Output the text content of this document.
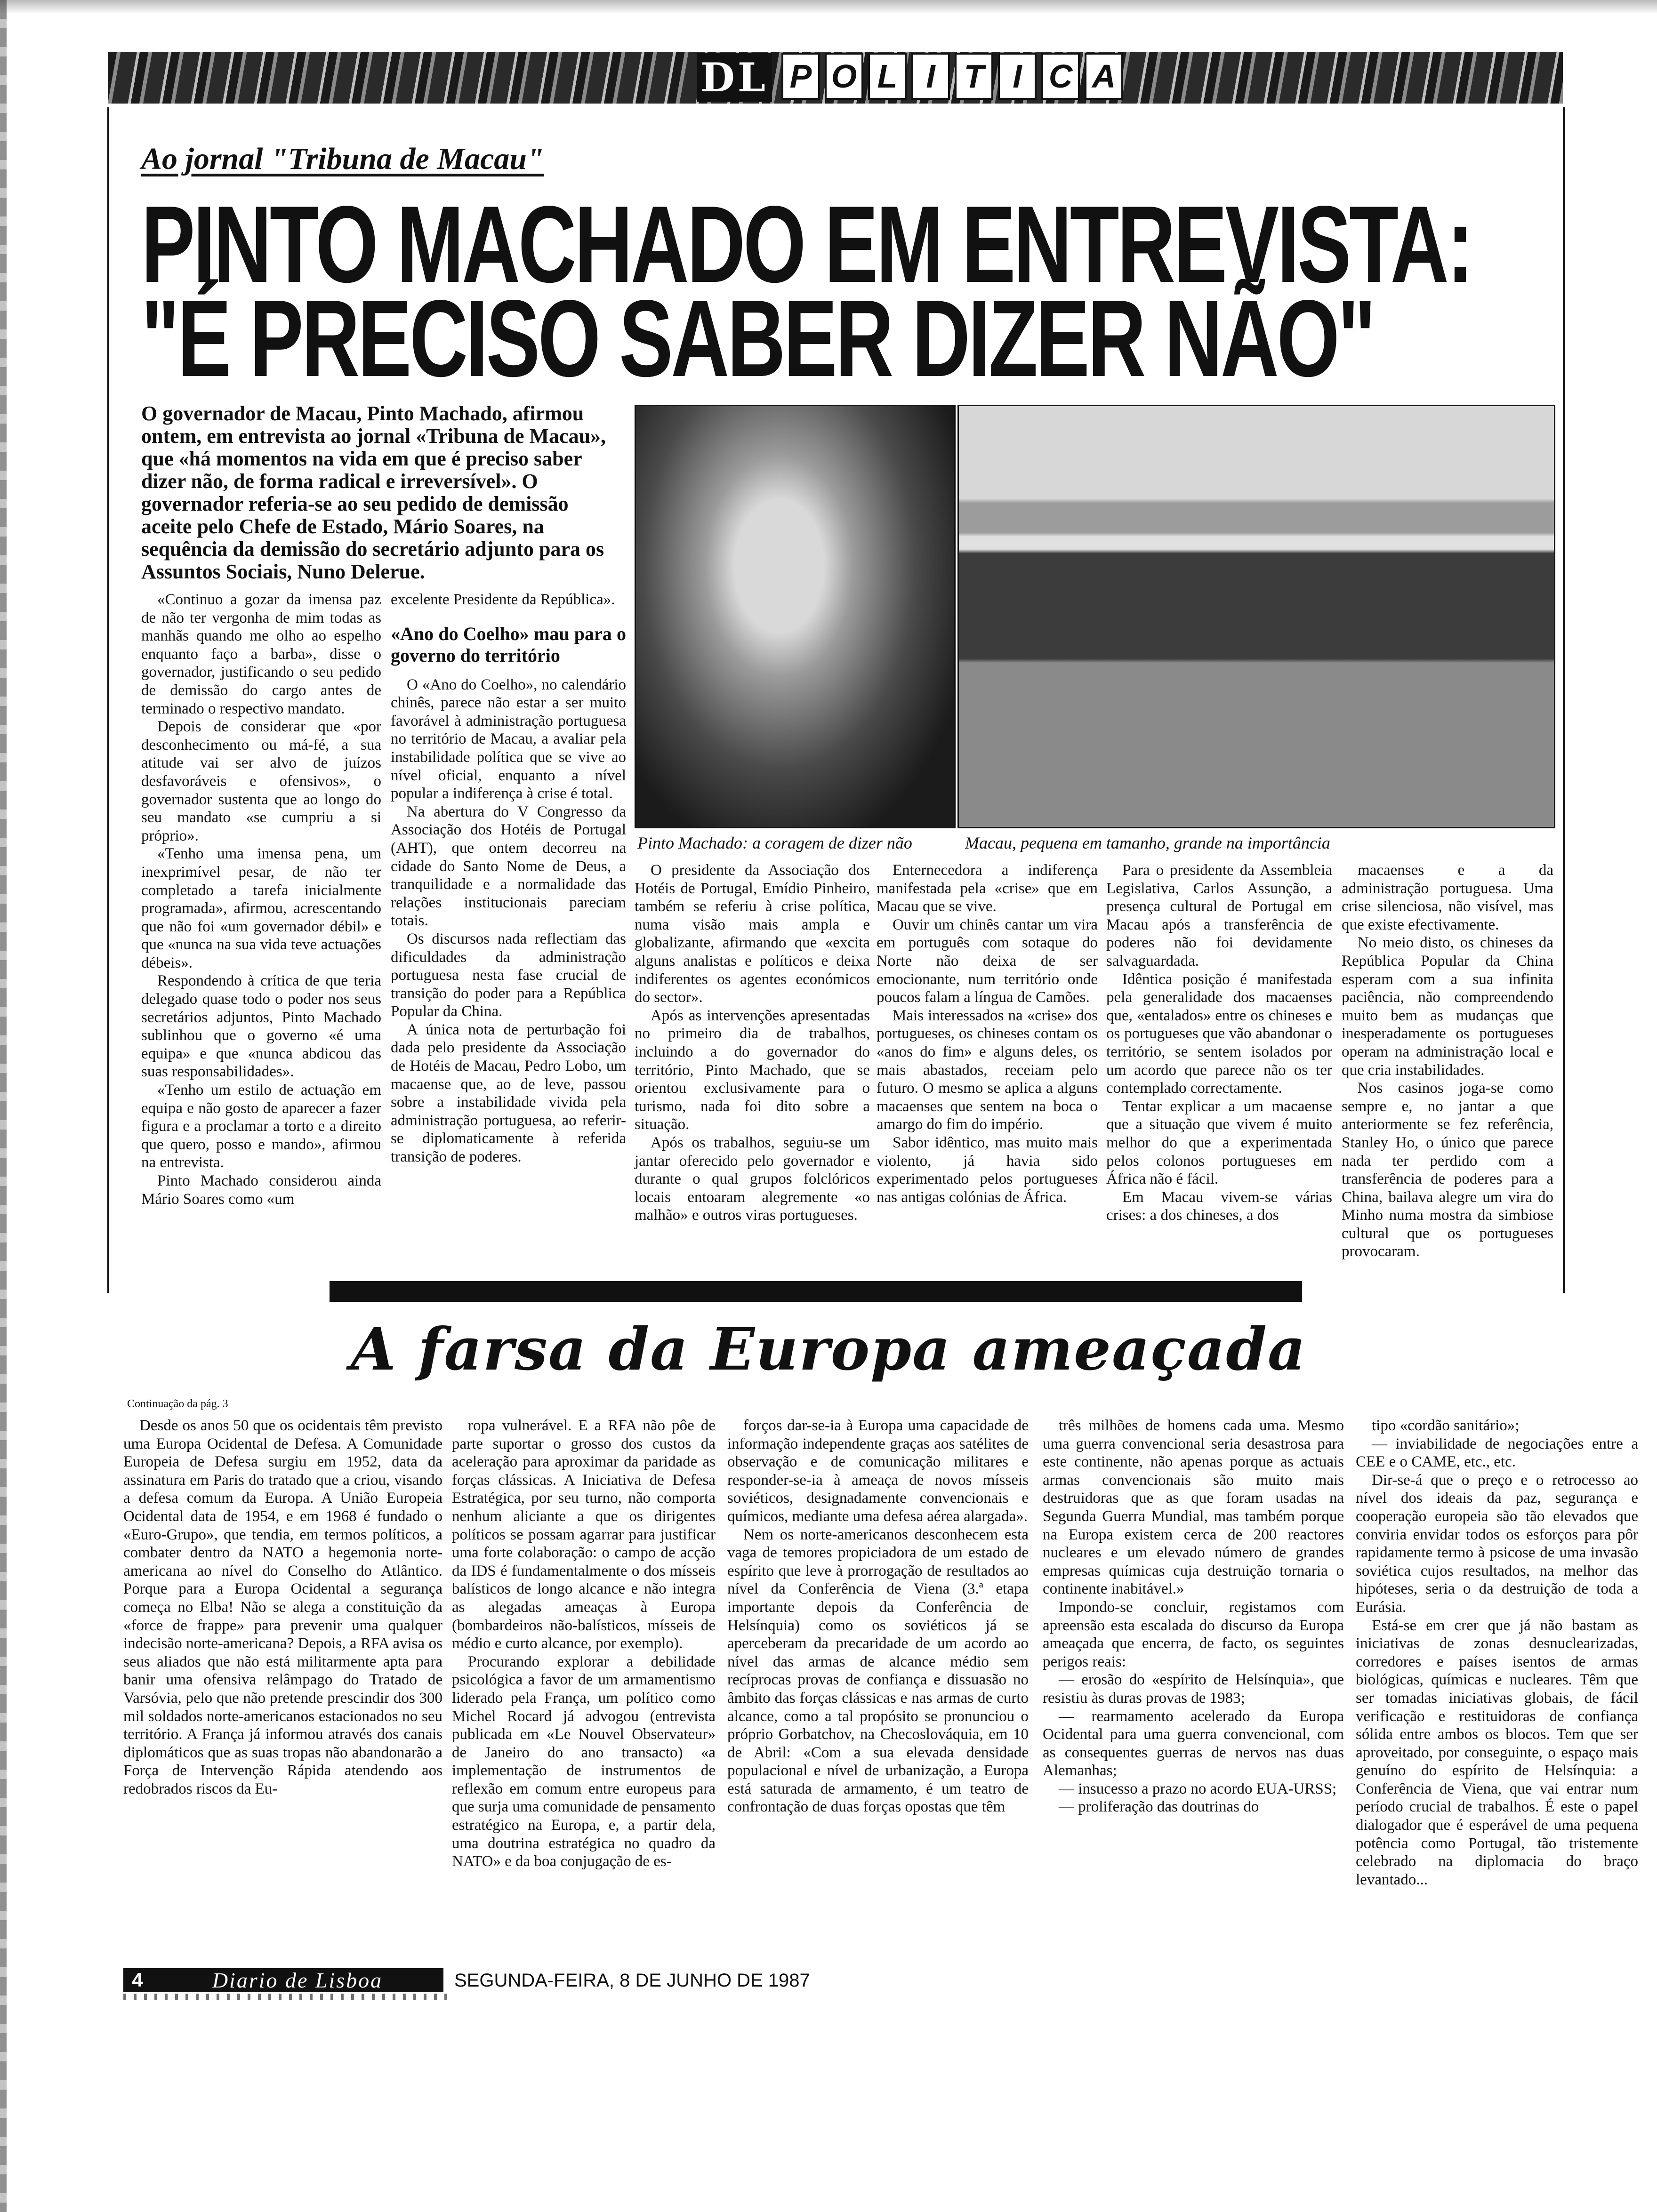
DL P O L I T I C A
Ao jornal "Tribuna de Macau"
PINTO MACHADO EM ENTREVISTA:
"É PRECISO SABER DIZER NÃO"
O governador de Macau, Pinto Machado, afirmou ontem, em entrevista ao jornal «Tribuna de Macau», que «há momentos na vida em que é preciso saber dizer não, de forma radical e irreversível». O governador referia-se ao seu pedido de demissão aceite pelo Chefe de Estado, Mário Soares, na sequência da demissão do secretário adjunto para os Assuntos Sociais, Nuno Delerue.

«Continuo a gozar da imensa paz de não ter vergonha de mim todas as manhãs quando me olho ao espelho enquanto faço a barba», disse o governador, justificando o seu pedido de demissão do cargo antes de terminado o respectivo mandato.

Depois de considerar que «por desconhecimento ou má-fé, a sua atitude vai ser alvo de juízos desfavoráveis e ofensivos», o governador sustenta que ao longo do seu mandato «se cumpriu a si próprio».

«Tenho uma imensa pena, um inexprimível pesar, de não ter completado a tarefa inicialmente programada», afirmou, acrescentando que não foi «um governador débil» e que «nunca na sua vida teve actuações débeis».

Respondendo à crítica de que teria delegado quase todo o poder nos seus secretários adjuntos, Pinto Machado sublinhou que o governo «é uma equipa» e que «nunca abdicou das suas responsabilidades».

«Tenho um estilo de actuação em equipa e não gosto de aparecer a fazer figura e a proclamar a torto e a direito que quero, posso e mando», afirmou na entrevista.

Pinto Machado considerou ainda Mário Soares como «um

excelente Presidente da República».

«Ano do Coelho» mau para o governo do território

O «Ano do Coelho», no calendário chinês, parece não estar a ser muito favorável à administração portuguesa no território de Macau, a avaliar pela instabilidade política que se vive ao nível oficial, enquanto a nível popular a indiferença à crise é total.

Na abertura do V Congresso da Associação dos Hotéis de Portugal (AHT), que ontem decorreu na cidade do Santo Nome de Deus, a tranquilidade e a normalidade das relações institucionais pareciam totais.

Os discursos nada reflectiam das dificuldades da administração portuguesa nesta fase crucial de transição do poder para a República Popular da China.

A única nota de perturbação foi dada pelo presidente da Associação de Hotéis de Macau, Pedro Lobo, um macaense que, ao de leve, passou sobre a instabilidade vivida pela administração portuguesa, ao referir-se diplomaticamente à referida transição de poderes.

Pinto Machado: a coragem de dizer não	Macau, pequena em tamanho, grande na importância

O presidente da Associação dos Hotéis de Portugal, Emídio Pinheiro, também se referiu à crise política, numa visão mais ampla e globalizante, afirmando que «excita alguns analistas e políticos e deixa indiferentes os agentes económicos do sector».

Após as intervenções apresentadas no primeiro dia de trabalhos, incluindo a do governador do território, Pinto Machado, que se orientou exclusivamente para o turismo, nada foi dito sobre a situação.

Após os trabalhos, seguiu-se um jantar oferecido pelo governador e durante o qual grupos folclóricos locais entoaram alegremente «o malhão» e outros viras portugueses.

Enternecedora a indiferença manifestada pela «crise» que em Macau que se vive.

Ouvir um chinês cantar um vira em português com sotaque do Norte não deixa de ser emocionante, num território onde poucos falam a língua de Camões.

Mais interessados na «crise» dos portugueses, os chineses contam os «anos do fim» e alguns deles, os mais abastados, receiam pelo futuro. O mesmo se aplica a alguns macaenses que sentem na boca o amargo do fim do império.

Sabor idêntico, mas muito mais violento, já havia sido experimentado pelos portugueses nas antigas colónias de África.

Para o presidente da Assembleia Legislativa, Carlos Assunção, a presença cultural de Portugal em Macau após a transferência de poderes não foi devidamente salvaguardada.

Idêntica posição é manifestada pela generalidade dos macaenses que, «entalados» entre os chineses e os portugueses que vão abandonar o território, se sentem isolados por um acordo que parece não os ter contemplado correctamente.

Tentar explicar a um macaense que a situação que vivem é muito melhor do que a experimentada pelos colonos portugueses em África não é fácil.

Em Macau vivem-se várias crises: a dos chineses, a dos

macaenses e a da administração portuguesa. Uma crise silenciosa, não visível, mas que existe efectivamente.

No meio disto, os chineses da República Popular da China esperam com a sua infinita paciência, não compreendendo muito bem as mudanças que inesperadamente os portugueses operam na administração local e que cria instabilidades.

Nos casinos joga-se como sempre e, no jantar a que anteriormente se fez referência, Stanley Ho, o único que parece nada ter perdido com a transferência de poderes para a China, bailava alegre um vira do Minho numa mostra da simbiose cultural que os portugueses provocaram.

A farsa da Europa ameaçada
Continuação da pág. 3

Desde os anos 50 que os ocidentais têm previsto uma Europa Ocidental de Defesa. A Comunidade Europeia de Defesa surgiu em 1952, data da assinatura em Paris do tratado que a criou, visando a defesa comum da Europa. A União Europeia Ocidental data de 1954, e em 1968 é fundado o «Euro-Grupo», que tendia, em termos políticos, a combater dentro da NATO a hegemonia norte-americana ao nível do Conselho do Atlântico. Porque para a Europa Ocidental a segurança começa no Elba! Não se alega a constituição da «force de frappe» para prevenir uma qualquer indecisão norte-americana? Depois, a RFA avisa os seus aliados que não está militarmente apta para banir uma ofensiva relâmpago do Tratado de Varsóvia, pelo que não pretende prescindir dos 300 mil soldados norte-americanos estacionados no seu território. A França já informou através dos canais diplomáticos que as suas tropas não abandonarão a Força de Intervenção Rápida atendendo aos redobrados riscos da Eu-

ropa vulnerável. E a RFA não pôe de parte suportar o grosso dos custos da aceleração para aproximar da paridade as forças clássicas. A Iniciativa de Defesa Estratégica, por seu turno, não comporta nenhum aliciante a que os dirigentes políticos se possam agarrar para justificar uma forte colaboração: o campo de acção da IDS é fundamentalmente o dos mísseis balísticos de longo alcance e não integra as alegadas ameaças à Europa (bombardeiros não-balísticos, mísseis de médio e curto alcance, por exemplo).

Procurando explorar a debilidade psicológica a favor de um armamentismo liderado pela França, um político como Michel Rocard já advogou (entrevista publicada em «Le Nouvel Observateur» de Janeiro do ano transacto) «a implementação de instrumentos de reflexão em comum entre europeus para que surja uma comunidade de pensamento estratégico na Europa, e, a partir dela, uma doutrina estratégica no quadro da NATO» e da boa conjugação de es-

forços dar-se-ia à Europa uma capacidade de informação independente graças aos satélites de observação e de comunicação militares e responder-se-ia à ameaça de novos mísseis soviéticos, designadamente convencionais e químicos, mediante uma defesa aérea alargada».

Nem os norte-americanos desconhecem esta vaga de temores propiciadora de um estado de espírito que leve à prorrogação de resultados ao nível da Conferência de Viena (3.ª etapa importante depois da Conferência de Helsínquia) como os soviéticos já se aperceberam da precaridade de um acordo ao nível das armas de alcance médio sem recíprocas provas de confiança e dissuasão no âmbito das forças clássicas e nas armas de curto alcance, como a tal propósito se pronunciou o próprio Gorbatchov, na Checoslováquia, em 10 de Abril: «Com a sua elevada densidade populacional e nível de urbanização, a Europa está saturada de armamento, é um teatro de confrontação de duas forças opostas que têm

três milhões de homens cada uma. Mesmo uma guerra convencional seria desastrosa para este continente, não apenas porque as actuais armas convencionais são muito mais destruidoras que as que foram usadas na Segunda Guerra Mundial, mas também porque na Europa existem cerca de 200 reactores nucleares e um elevado número de grandes empresas químicas cuja destruição tornaria o continente inabitável.»

Impondo-se concluir, registamos com apreensão esta escalada do discurso da Europa ameaçada que encerra, de facto, os seguintes perigos reais:

— erosão do «espírito de Helsínquia», que resistiu às duras provas de 1983;

— rearmamento acelerado da Europa Ocidental para uma guerra convencional, com as consequentes guerras de nervos nas duas Alemanhas;

— insucesso a prazo no acordo EUA-URSS;

— proliferação das doutrinas do

tipo «cordão sanitário»;

— inviabilidade de negociações entre a CEE e o CAME, etc., etc.

Dir-se-á que o preço e o retrocesso ao nível dos ideais da paz, segurança e cooperação europeia são tão elevados que conviria envidar todos os esforços para pôr rapidamente termo à psicose de uma invasão soviética cujos resultados, na melhor das hipóteses, seria o da destruição de toda a Eurásia.

Está-se em crer que já não bastam as iniciativas de zonas desnuclearizadas, corredores e países isentos de armas biológicas, químicas e nucleares. Têm que ser tomadas iniciativas globais, de fácil verificação e restituidoras de confiança sólida entre ambos os blocos. Tem que ser aproveitado, por conseguinte, o espaço mais genuíno do espírito de Helsínquia: a Conferência de Viena, que vai entrar num período crucial de trabalhos. É este o papel dialogador que é esperável de uma pequena potência como Portugal, tão tristemente celebrado na diplomacia do braço levantado...

4	Diario de Lisboa	SEGUNDA-FEIRA, 8 DE JUNHO DE 1987
